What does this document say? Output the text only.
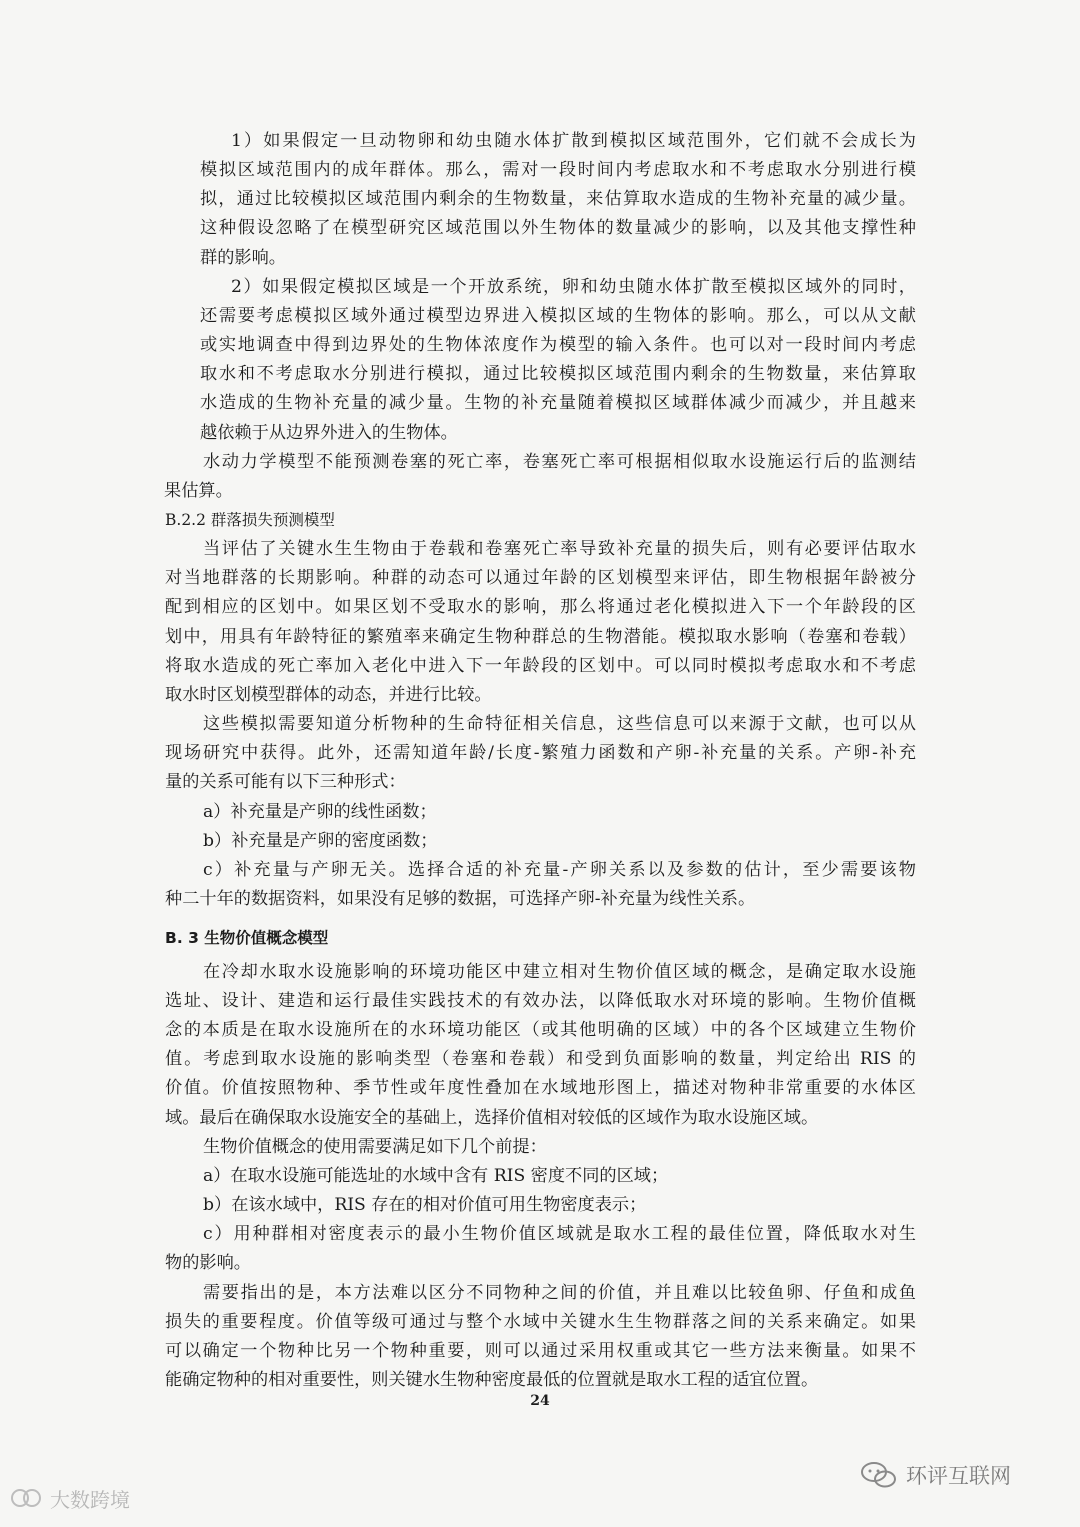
1）如果假定一旦动物卵和幼虫随水体扩散到模拟区域范围外，它们就不会成长为
模拟区域范围内的成年群体。那么，需对一段时间内考虑取水和不考虑取水分别进行模
拟，通过比较模拟区域范围内剩余的生物数量，来估算取水造成的生物补充量的减少量。
这种假设忽略了在模型研究区域范围以外生物体的数量减少的影响，以及其他支撑性种
群的影响。
2）如果假定模拟区域是一个开放系统，卵和幼虫随水体扩散至模拟区域外的同时，
还需要考虑模拟区域外通过模型边界进入模拟区域的生物体的影响。那么，可以从文献
或实地调查中得到边界处的生物体浓度作为模型的输入条件。也可以对一段时间内考虑
取水和不考虑取水分别进行模拟，通过比较模拟区域范围内剩余的生物数量，来估算取
水造成的生物补充量的减少量。生物的补充量随着模拟区域群体减少而减少，并且越来
越依赖于从边界外进入的生物体。
水动力学模型不能预测卷塞的死亡率，卷塞死亡率可根据相似取水设施运行后的监测结
果估算。
B.2.2 群落损失预测模型
当评估了关键水生生物由于卷载和卷塞死亡率导致补充量的损失后，则有必要评估取水
对当地群落的长期影响。种群的动态可以通过年龄的区划模型来评估，即生物根据年龄被分
配到相应的区划中。如果区划不受取水的影响，那么将通过老化模拟进入下一个年龄段的区
划中，用具有年龄特征的繁殖率来确定生物种群总的生物潜能。模拟取水影响（卷塞和卷载）
将取水造成的死亡率加入老化中进入下一年龄段的区划中。可以同时模拟考虑取水和不考虑
取水时区划模型群体的动态，并进行比较。
这些模拟需要知道分析物种的生命特征相关信息，这些信息可以来源于文献，也可以从
现场研究中获得。此外，还需知道年龄/长度-繁殖力函数和产卵-补充量的关系。产卵-补充
量的关系可能有以下三种形式：
a）补充量是产卵的线性函数；
b）补充量是产卵的密度函数；
c）补充量与产卵无关。选择合适的补充量-产卵关系以及参数的估计，至少需要该物
种二十年的数据资料，如果没有足够的数据，可选择产卵-补充量为线性关系。
B. 3 生物价值概念模型
在冷却水取水设施影响的环境功能区中建立相对生物价值区域的概念，是确定取水设施
选址、设计、建造和运行最佳实践技术的有效办法，以降低取水对环境的影响。生物价值概
念的本质是在取水设施所在的水环境功能区（或其他明确的区域）中的各个区域建立生物价
值。考虑到取水设施的影响类型（卷塞和卷载）和受到负面影响的数量，判定给出 RIS 的
价值。价值按照物种、季节性或年度性叠加在水域地形图上，描述对物种非常重要的水体区
域。最后在确保取水设施安全的基础上，选择价值相对较低的区域作为取水设施区域。
生物价值概念的使用需要满足如下几个前提：
a）在取水设施可能选址的水域中含有 RIS 密度不同的区域；
b）在该水域中，RIS 存在的相对价值可用生物密度表示；
c）用种群相对密度表示的最小生物价值区域就是取水工程的最佳位置，降低取水对生
物的影响。
需要指出的是，本方法难以区分不同物种之间的价值，并且难以比较鱼卵、仔鱼和成鱼
损失的重要程度。价值等级可通过与整个水域中关键水生生物群落之间的关系来确定。如果
可以确定一个物种比另一个物种重要，则可以通过采用权重或其它一些方法来衡量。如果不
能确定物种的相对重要性，则关键水生物种密度最低的位置就是取水工程的适宜位置。
24
大数跨境
环评互联网
